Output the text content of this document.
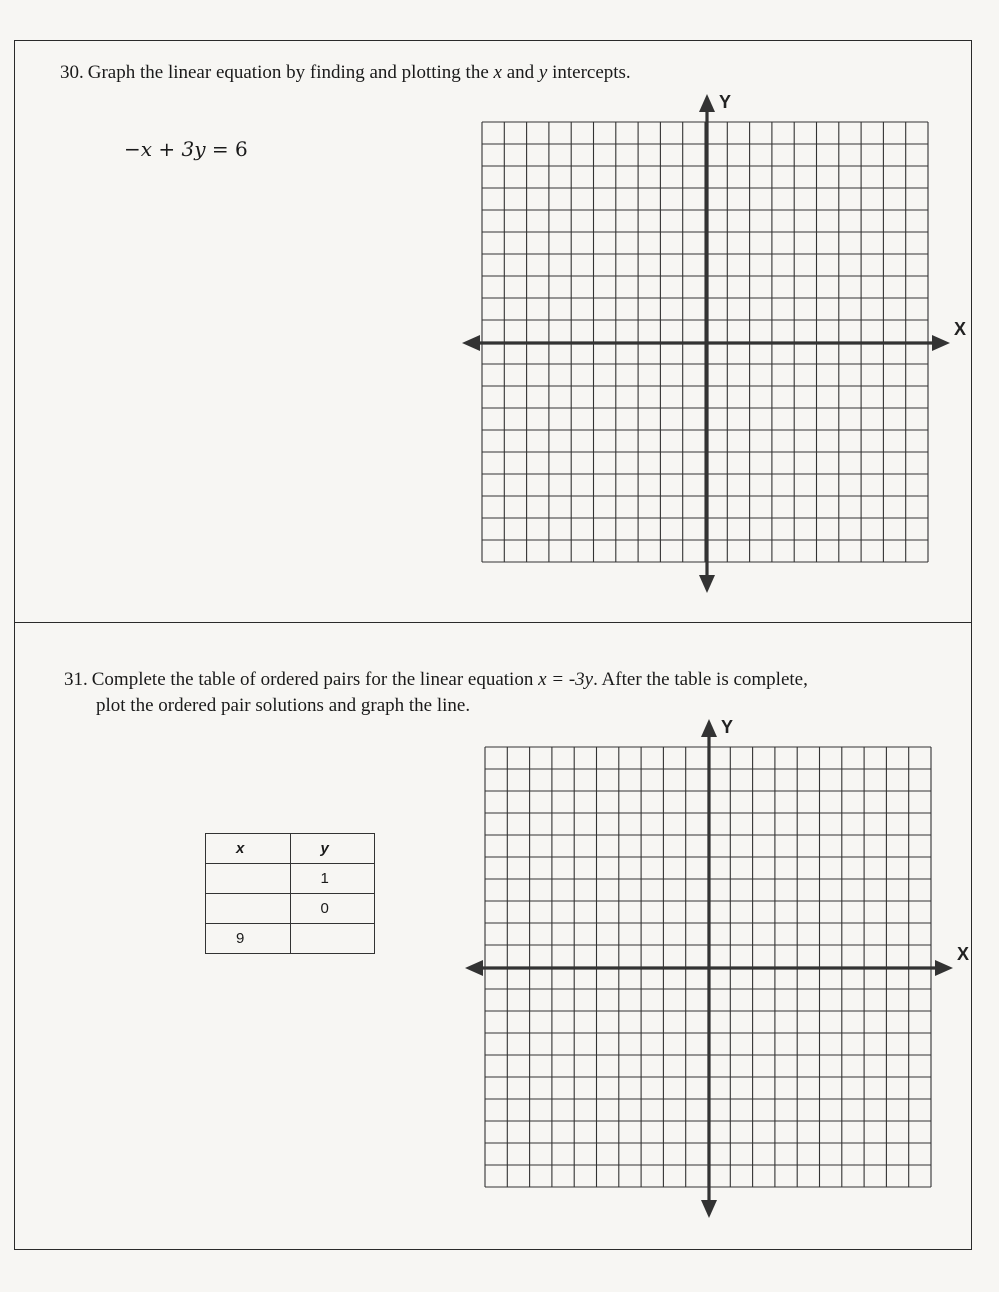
30. Graph the linear equation by finding and plotting the x and y intercepts.
−x + 3y = 6
31. Complete the table of ordered pairs for the linear equation x = -3y. After the table is complete,
plot the ordered pair solutions and graph the line.
x	y
	1
	0
9	
X
Y
X
Y
